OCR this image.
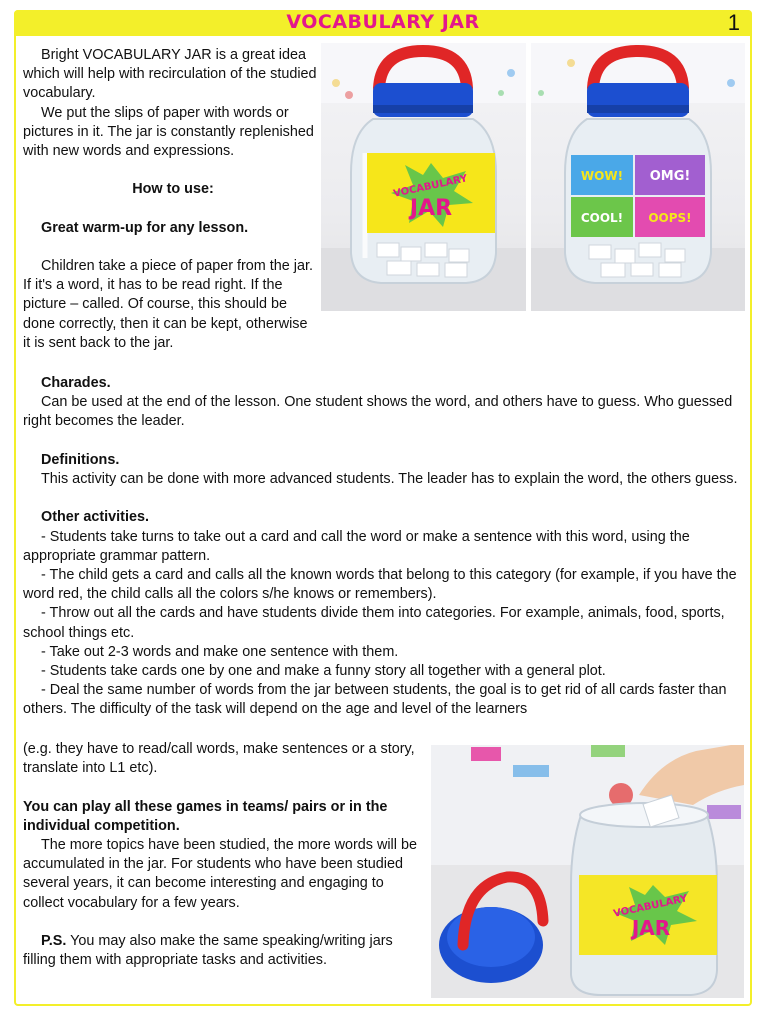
VOCABULARY JAR	1

Bright VOCABULARY JAR is a great idea which will help with recirculation of the studied vocabulary.

We put the slips of paper with words or pictures in it. The jar is constantly replenished with new words and expressions.

How to use:

Great warm-up for any lesson.

Children take a piece of paper from the jar. If it's a word, it has to be read right. If the picture – called. Of course, this should be done correctly, then it can be kept, otherwise it is sent back to the jar.

Charades.

Can be used at the end of the lesson. One student shows the word, and others have to guess. Who guessed right becomes the leader.

Definitions.

This activity can be done with more advanced students. The leader has to explain the word, the others guess.

Other activities.

- Students take turns to take out a card and call the word or make a sentence with this word, using the appropriate grammar pattern.

- The child gets a card and calls all the known words that belong to this category (for example, if you have the word red, the child calls all the colors s/he knows or remembers).

- Throw out all the cards and have students divide them into categories. For example, animals, food, sports, school things etc.

- Take out 2-3 words and make one sentence with them.

- Students take cards one by one and make a funny story all together with a general plot.

- Deal the same number of words from the jar between students, the goal is to get rid of all cards faster than others. The difficulty of the task will depend on the age and level of the learners

(e.g. they have to read/call words, make sentences or a story, translate into L1 etc).

You can play all these games in teams/ pairs or in the individual competition.

The more topics have been studied, the more words will be accumulated in the jar. For students who have been studied several years, it can become interesting and engaging to collect vocabulary for a few years.

P.S. You may also make the same speaking/writing jars filling them with appropriate tasks and activities.

VOCABULARY
JAR
WOW! OMG!
COOL! OOPS!
VOCABULARY
JAR
